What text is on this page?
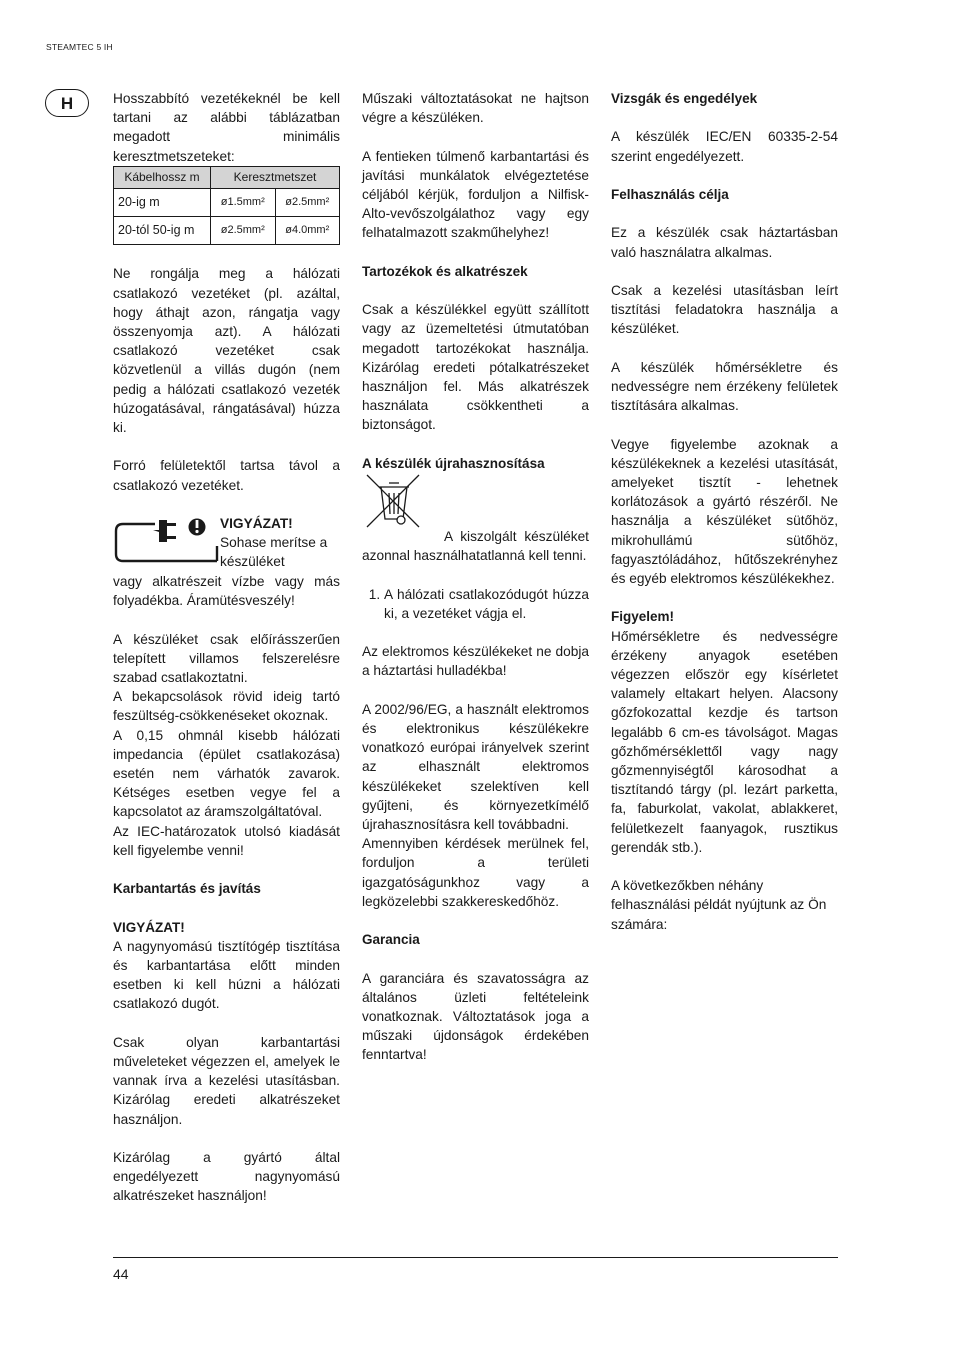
STEAMTEC 5 IH
H	Hosszabbító vezetékeknél be kell tartani az alábbi táblázatban megadott minimális keresztmetszeteket:

Kábelhossz m	Keresztmetszet	
20-ig m	ø1.5mm²	ø2.5mm²
20-tól 50-ig m	ø2.5mm²	ø4.0mm²

Ne rongálja meg a hálózati csatlakozó vezetéket (pl. azáltal, hogy áthajt azon, rángatja vagy összenyomja azt). A hálózati csatlakozó vezetéket csak közvetlenül a villás dugón (nem pedig a hálózati csatlakozó vezeték húzogatásával, rángatásával) húzza ki.

Forró felületektől tartsa távol a csatlakozó vezetéket.

VIGYÁZAT!
Sohase merítse a készüléket

vagy alkatrészeit vízbe vagy más folyadékba. Áramütésveszély!

A készüléket csak előírásszerűen telepített villamos felszerelésre szabad csatlakoztatni.

A bekapcsolások rövid ideig tartó feszültség-csökkenéseket okoznak.

A 0,15 ohmnál kisebb hálózati impedancia (épület csatlakozása) esetén nem várhatók zavarok. Kétséges esetben vegye fel a kapcsolatot az áramszolgáltatóval.

Az IEC-határozatok utolsó kiadását kell figyelembe venni!

Karbantartás és javítás
VIGYÁZAT!

A nagynyomású tisztítógép tisztítása és karbantartása előtt minden esetben ki kell húzni a hálózati csatlakozó dugót.

Csak olyan karbantartási műveleteket végezzen el, amelyek le vannak írva a kezelési utasításban. Kizárólag eredeti alkatrészeket használjon.

Kizárólag a gyártó által engedélyezett nagynyomású alkatrészeket használjon!

Műszaki változtatásokat ne hajtson végre a készüléken.

A fentieken túlmenő karbantartási és javítási munkálatok elvégeztetése céljából kérjük, forduljon a Nilfisk-Alto-vevőszolgálathoz vagy egy felhatalmazott szakműhelyhez!

Tartozékok és alkatrészek

Csak a készülékkel együtt szállított vagy az üzemeltetési útmutatóban megadott tartozékokat használja. Kizárólag eredeti pótalkatrészeket használjon fel. Más alkatrészek használata csökkentheti a biztonságot.

A készülék újrahasznosítása

A kiszolgált készüléket azonnal használhatatlanná kell tenni.

1. A hálózati csatlakozódugót húzza ki, a vezetéket vágja el.

Az elektromos készülékeket ne dobja a háztartási hulladékba!

A 2002/96/EG, a használt elektromos és elektronikus készülékekre vonatkozó európai irányelvek szerint az elhasznált elektromos készülékeket szelektíven kell gyűjteni, és környezetkímélő újrahasznosításra kell továbbadni.

Amennyiben kérdések merülnek fel, forduljon a területi igazgatóságunkhoz vagy a legközelebbi szakkereskedőhöz.

Garancia

A garanciára és szavatosságra az általános üzleti feltételeink vonatkoznak. Változtatások joga a műszaki újdonságok érdekében fenntartva!

Vizsgák és engedélyek

A készülék IEC/EN 60335-2-54 szerint engedélyezett.

Felhasználás célja

Ez a készülék csak háztartásban való használatra alkalmas.

Csak a kezelési utasításban leírt tisztítási feladatokra használja a készüléket.

A készülék hőmérsékletre és nedvességre nem érzékeny felületek tisztítására alkalmas.

Vegye figyelembe azoknak a készülékeknek a kezelési utasítását, amelyeket tisztít - lehetnek korlátozások a gyártó részéről. Ne használja a készüléket sütőhöz, mikrohullámú sütőhöz, fagyasztóládához, hűtőszekrényhez és egyéb elektromos készülékekhez.

Figyelem!

Hőmérsékletre és nedvességre érzékeny anyagok esetében végezzen először egy kísérletet valamely eltakart helyen. Alacsony gőzfokozattal kezdje és tartson legalább 6 cm-es távolságot. Magas gőzhőmérséklettől vagy nagy gőzmennyiségtől károsodhat a tisztítandó tárgy (pl. lezárt parketta, fa, faburkolat, vakolat, ablakkeret, felületkezelt faanyagok, rusztikus gerendák stb.).

A következőkben néhány felhasználási példát nyújtunk az Ön számára:

44
